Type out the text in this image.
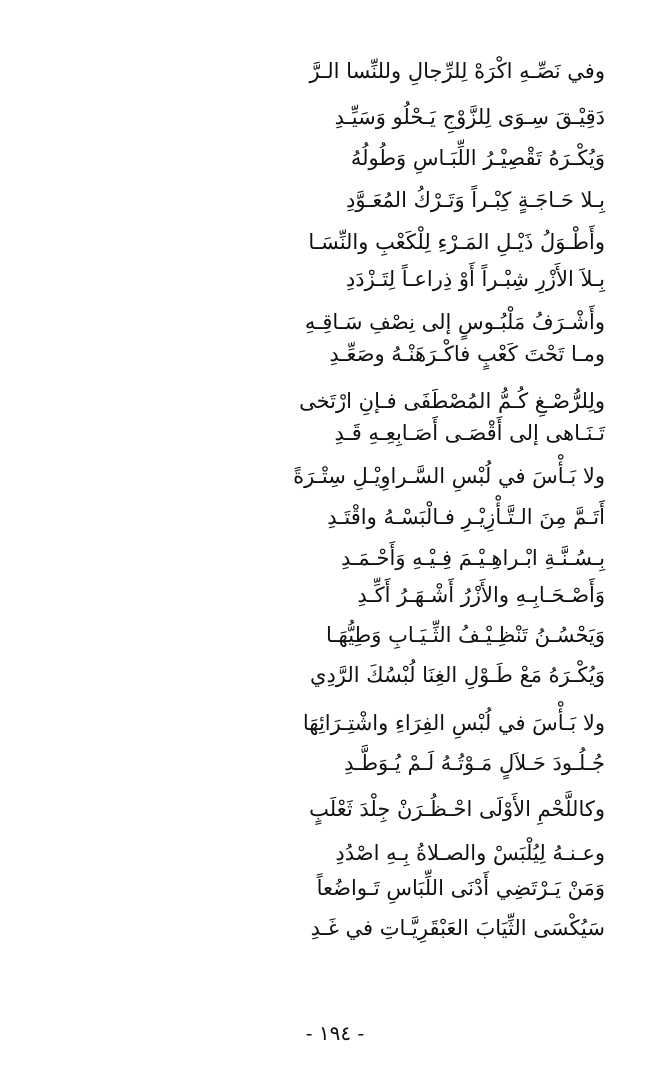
وفي نَصِّـهِ اكْرَهْ لِلرِّجالِ وللنِّسا الـرَّ
دَقِيْـقَ سِـوَى لِلزَّوْجِ يَـحْلُو وَسَيِّـدِ
وَيُكْـرَهُ تَقْصِيْـرُ اللِّبَـاسِ وَطُولُهُ
بِـلا حَـاجَـةٍ كِبْـراً وَتَـرْكُ المُعَـوَّدِ
وأَطْـوَلُ ذَيْـلِ المَـرْءِ لِلْكَعْبِ والنِّسَـا
بِـلاَ الأَزْرِ شِبْـراً أَوْ ذِراعـاً لِتَـزْدَدِ
وأَشْـرَفُ مَلْبُـوسٍ إلى نِصْفِ سَـاقِـهِ
ومـا تَحْتَ كَعْبٍ فاكْـرَهَنْـهُ وصَعِّـدِ
ولِلرُّصْـغِ كُـمُّ المُصْطَفَى فـإنِ ارْتَخى
تَـنَـاهى إلى أَقْصَـى أَصَـابِعِـهِ قَـدِ
ولا بَـأْسَ في لُبْسِ السَّـراوِيْـلِ سِتْـرَةً
أَتَـمَّ مِنَ الـتَّـأْزِيْـرِ فـالْبَسْـهُ واقْتَـدِ
بِـسُـنَّـةِ ابْـراهِـيْـمَ فِـيْـهِ وَأَحْـمَـدِ
وَأَصْـحَـابِـهِ والأَزْرُ أَشْـهَـرُ أَكِّـدِ
وَيَحْسُـنُ تَنْظِـيْـفُ الثِّـيَـابِ وَطِيُّهَـا
وَيُكْـرَهُ مَعْ طَـوْلِ الغِنَا لُبْسُكَ الرَّدِي
ولا بَـأْسَ في لُبْسِ الفِرَاءِ واشْتِـرَائِهَا
جُـلُـودَ حَـلاَلٍ مَـوْتُـهُ لَـمْ يُـوَطَّـدِ
وكاللَّحْمِ الأَوْلَى احْـظُـرَنْ جِلْدَ ثَعْلَبٍ
وعـنـهُ لِيُلْبَسْ والصـلاةُ بِـهِ اصْدُدِ
وَمَنْ يَـرْتَضِي أَدْنَى اللِّبَاسِ تَـواضُعاً
سَيُكْسَى الثِّيَابَ العَبْقَرِيَّـاتِ في غَـدِ
- ١٩٤ -
